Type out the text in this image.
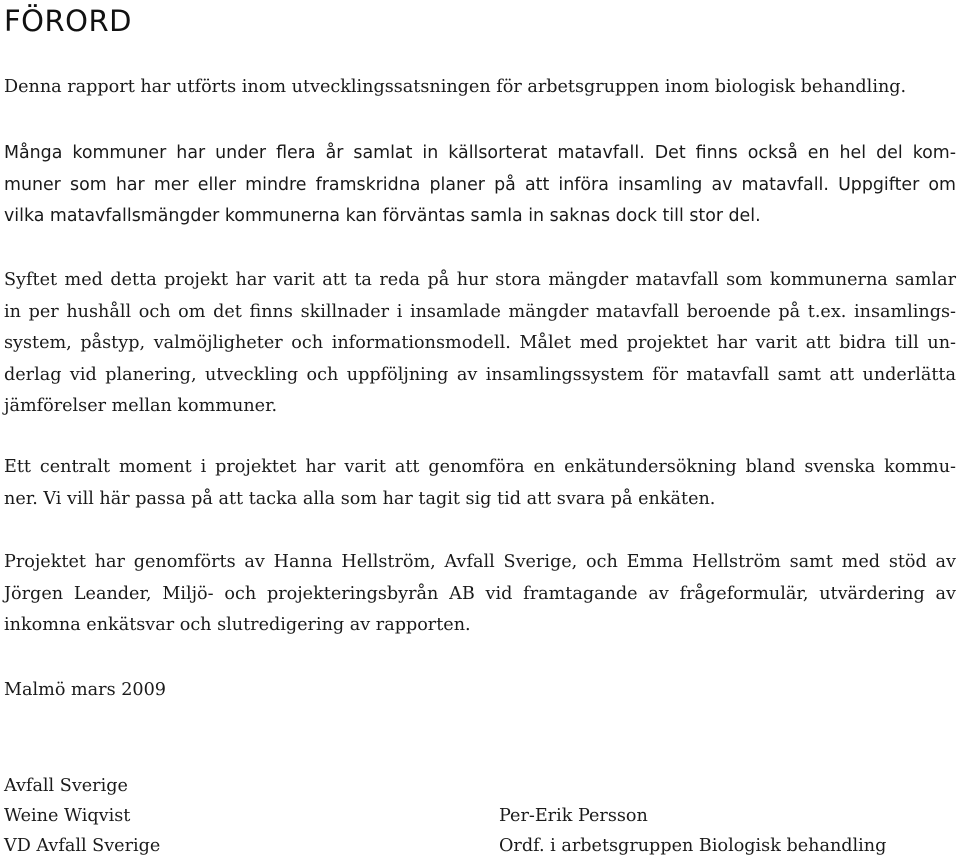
FÖRORD

Denna rapport har utförts inom utvecklingssatsningen för arbetsgruppen inom biologisk behandling.

Många kommuner har under flera år samlat in källsorterat matavfall. Det finns också en hel del kom-
muner som har mer eller mindre framskridna planer på att införa insamling av matavfall. Uppgifter om
vilka matavfallsmängder kommunerna kan förväntas samla in saknas dock till stor del.

Syftet med detta projekt har varit att ta reda på hur stora mängder matavfall som kommunerna samlar
in per hushåll och om det finns skillnader i insamlade mängder matavfall beroende på t.ex. insamlings-
system, påstyp, valmöjligheter och informationsmodell. Målet med projektet har varit att bidra till un-
derlag vid planering, utveckling och uppföljning av insamlingssystem för matavfall samt att underlätta
jämförelser mellan kommuner.

Ett centralt moment i projektet har varit att genomföra en enkätundersökning bland svenska kommu-
ner. Vi vill här passa på att tacka alla som har tagit sig tid att svara på enkäten.

Projektet har genomförts av Hanna Hellström, Avfall Sverige, och Emma Hellström samt med stöd av
Jörgen Leander, Miljö- och projekteringsbyrån AB vid framtagande av frågeformulär, utvärdering av
inkomna enkätsvar och slutredigering av rapporten.

Malmö mars 2009

Avfall Sverige
Weine Wiqvist
VD Avfall Sverige
Per-Erik Persson
Ordf. i arbetsgruppen Biologisk behandling
